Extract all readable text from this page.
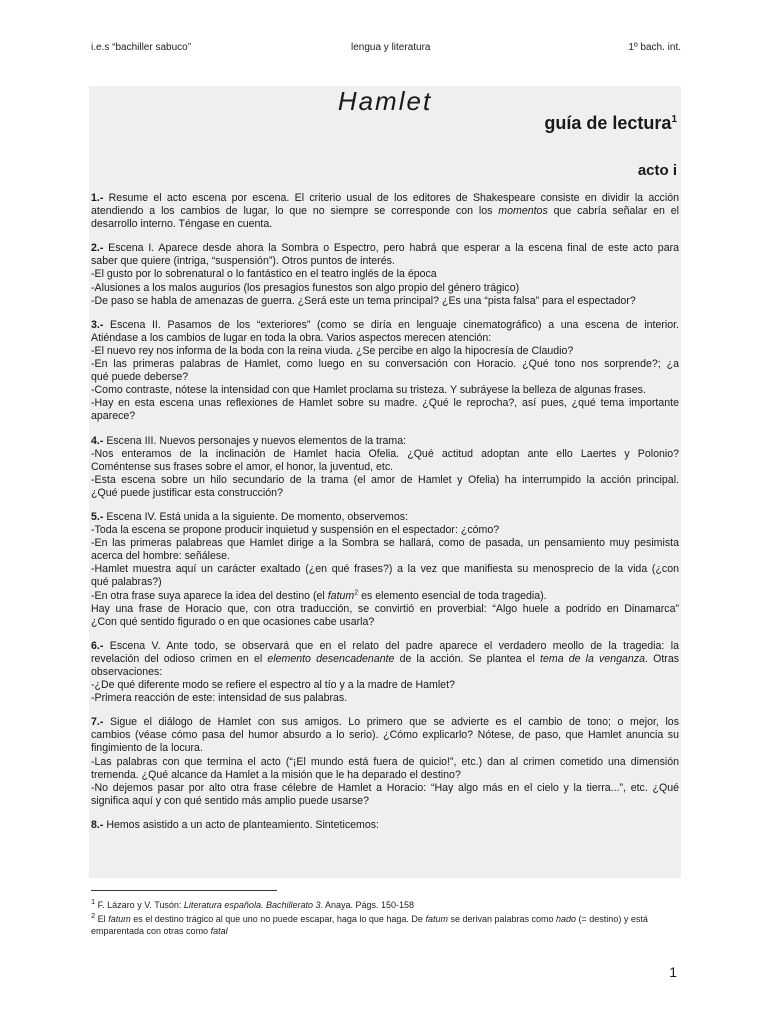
i.e.s “bachiller sabuco”	lengua y literatura	1º bach. int.
Hamlet
guía de lectura$^1$
acto i

1.- Resume el acto escena por escena. El criterio usual de los editores de Shakespeare consiste en dividir la acción
atendiendo a los cambios de lugar, lo que no siempre se corresponde con los momentos que cabría señalar en el
desarrollo interno. Téngase en cuenta.

2.- Escena I. Aparece desde ahora la Sombra o Espectro, pero habrá que esperar a la escena final de este acto para
saber que quiere (intriga, “suspensión”). Otros puntos de interés.
-El gusto por lo sobrenatural o lo fantástico en el teatro inglés de la época
-Alusiones a los malos augurios (los presagios funestos son algo propio del género trágico)
-De paso se habla de amenazas de guerra. ¿Será este un tema principal? ¿Es una “pista falsa” para el espectador?

3.- Escena II. Pasamos de los “exteriores” (como se diría en lenguaje cinematográfico) a una escena de interior.
Atiéndase a los cambios de lugar en toda la obra. Varios aspectos merecen atención:
-El nuevo rey nos informa de la boda con la reina viuda. ¿Se percibe en algo la hipocresía de Claudio?
-En las primeras palabras de Hamlet, como luego en su conversación con Horacio. ¿Qué tono nos sorprende?; ¿a
qué puede deberse?
-Como contraste, nótese la intensidad con que Hamlet proclama su tristeza. Y subráyese la belleza de algunas frases.
-Hay en esta escena unas reflexiones de Hamlet sobre su madre. ¿Qué le reprocha?, así pues, ¿qué tema importante
aparece?

4.- Escena III. Nuevos personajes y nuevos elementos de la trama:
-Nos enteramos de la inclinación de Hamlet hacia Ofelia. ¿Qué actitud adoptan ante ello Laertes y Polonio?
Coméntense sus frases sobre el amor, el honor, la juventud, etc.
-Esta escena sobre un hilo secundario de la trama (el amor de Hamlet y Ofelia) ha interrumpido la acción principal.
¿Qué puede justificar esta construcción?

5.- Escena IV. Está unida a la siguiente. De momento, observemos:
-Toda la escena se propone producir inquietud y suspensión en el espectador: ¿cómo?
-En las primeras palabreas que Hamlet dirige a la Sombra se hallará, como de pasada, un pensamiento muy pesimista
acerca del hombre: señálese.
-Hamlet muestra aquí un carácter exaltado (¿en qué frases?) a la vez que manifiesta su menosprecio de la vida (¿con
qué palabras?)
-En otra frase suya aparece la idea del destino (el fatum$^2$ es elemento esencial de toda tragedia).
Hay una frase de Horacio que, con otra traducción, se convirtió en proverbial: “Algo huele a podrido en Dinamarca”
¿Con qué sentido figurado o en que ocasiones cabe usarla?

6.- Escena V. Ante todo, se observará que en el relato del padre aparece el verdadero meollo de la tragedia: la
revelación del odioso crimen en el elemento desencadenante de la acción. Se plantea el tema de la venganza. Otras
observaciones:
-¿De qué diferente modo se refiere el espectro al tío y a la madre de Hamlet?
-Primera reacción de este: intensidad de sus palabras.

7.- Sigue el diálogo de Hamlet con sus amigos. Lo primero que se advierte es el cambio de tono; o mejor, los
cambios (véase cómo pasa del humor absurdo a lo serio). ¿Cómo explicarlo? Nótese, de paso, que Hamlet anuncia su
fingimiento de la locura.
-Las palabras con que termina el acto (“¡El mundo está fuera de quicio!”, etc.) dan al crimen cometido una dimensión
tremenda. ¿Qué alcance da Hamlet a la misión que le ha deparado el destino?
-No dejemos pasar por alto otra frase célebre de Hamlet a Horacio: “Hay algo más en el cielo y la tierra...”, etc. ¿Qué
significa aquí y con qué sentido más amplio puede usarse?

8.- Hemos asistido a un acto de planteamiento. Sinteticemos:

$^1$ F. Lázaro y V. Tusón: Literatura española. Bachillerato 3. Anaya. Págs. 150-158
$^2$ El fatum es el destino trágico al que uno no puede escapar, haga lo que haga. De fatum se derivan palabras como hado (= destino) y está
emparentada con otras como fatal
1
